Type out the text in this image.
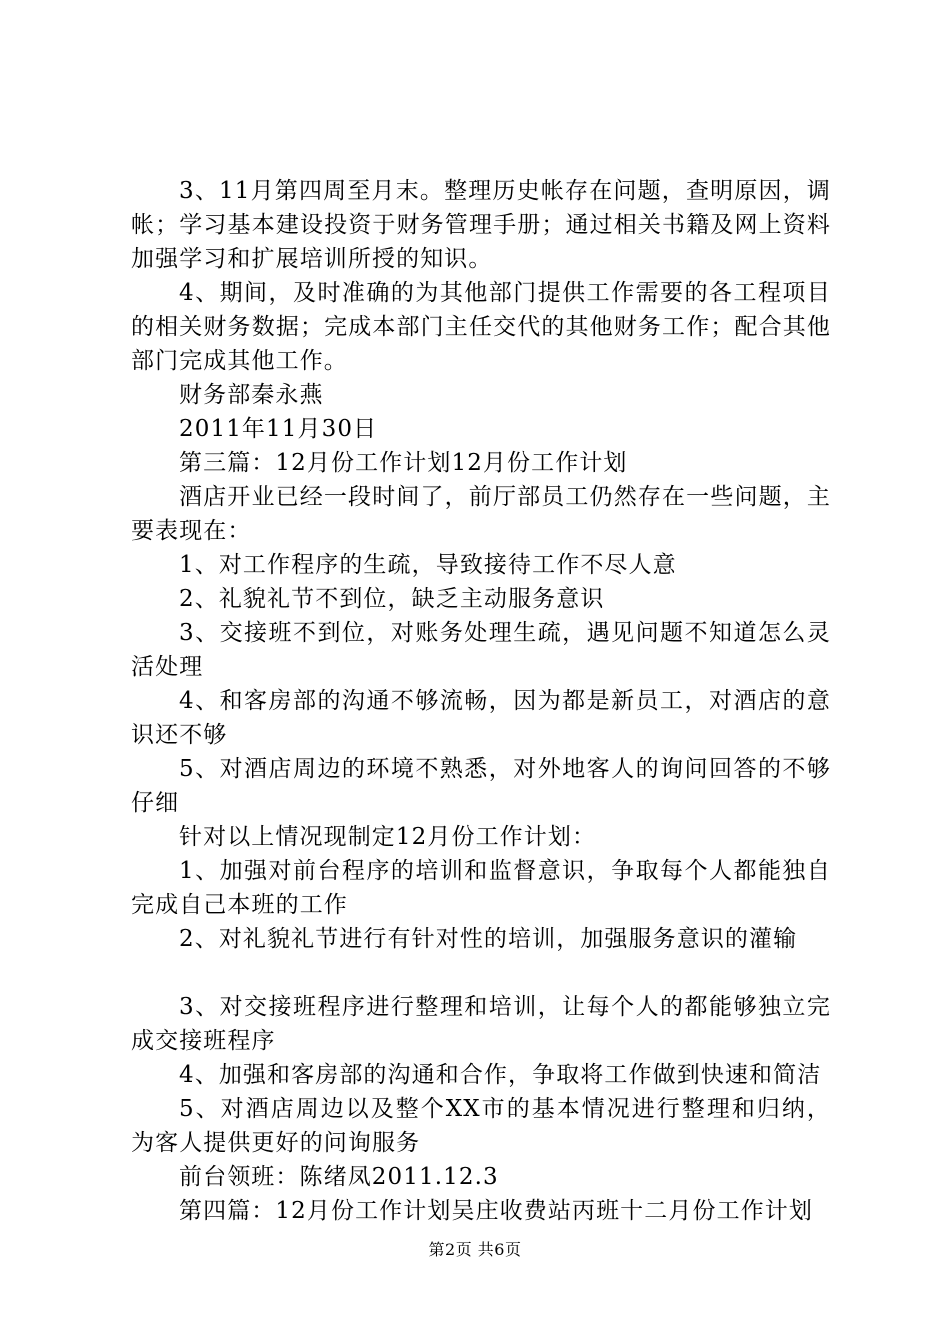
3、11月第四周至月末。整理历史帐存在问题，查明原因，调帐；学习基本建设投资于财务管理手册；通过相关书籍及网上资料加强学习和扩展培训所授的知识。

4、期间，及时准确的为其他部门提供工作需要的各工程项目的相关财务数据；完成本部门主任交代的其他财务工作；配合其他部门完成其他工作。

财务部秦永燕

2011年11月30日

第三篇：12月份工作计划12月份工作计划

酒店开业已经一段时间了，前厅部员工仍然存在一些问题，主要表现在：

1、对工作程序的生疏，导致接待工作不尽人意

2、礼貌礼节不到位，缺乏主动服务意识

3、交接班不到位，对账务处理生疏，遇见问题不知道怎么灵活处理

4、和客房部的沟通不够流畅，因为都是新员工，对酒店的意识还不够

5、对酒店周边的环境不熟悉，对外地客人的询问回答的不够仔细

针对以上情况现制定12月份工作计划：

1、加强对前台程序的培训和监督意识，争取每个人都能独自完成自己本班的工作

2、对礼貌礼节进行有针对性的培训，加强服务意识的灌输

3、对交接班程序进行整理和培训，让每个人的都能够独立完成交接班程序

4、加强和客房部的沟通和合作，争取将工作做到快速和简洁

5、对酒店周边以及整个XX市的基本情况进行整理和归纳，为客人提供更好的问询服务

前台领班：陈绪凤2011.12.3

第四篇：12月份工作计划吴庄收费站丙班十二月份工作计划

第2页 共6页
